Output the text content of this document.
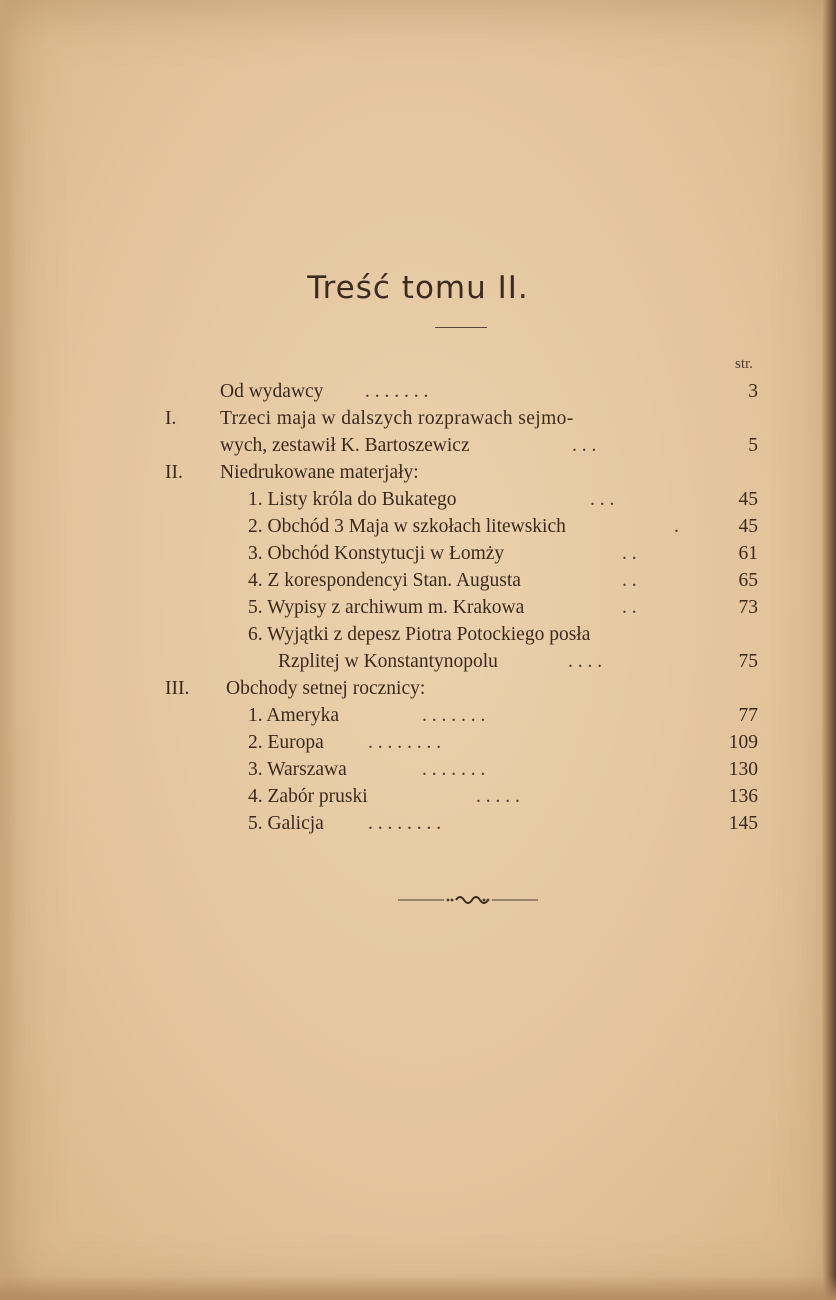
Treść tomu II.
str.
Od wydawcy . . . . . . .	3
I. Trzeci maja w dalszych rozprawach sejmo-
wych, zestawił K. Bartoszewicz	. . .	5
II. Niedrukowane materjały:
1. Listy króla do Bukatego	. . .	45
2. Obchód 3 Maja w szkołach litewskich	.	45
3. Obchód Konstytucji w Łomży	. .	61
4. Z korespondencyi Stan. Augusta	. .	65
5. Wypisy z archiwum m. Krakowa	. .	73
6. Wyjątki z depesz Piotra Potockiego posła
Rzplitej w Konstantynopolu	. . . .	75
III. Obchody setnej rocznicy:
1. Ameryka	. . . . . . .	77
2. Europa . . . . . . . .	109
3. Warszawa	. . . . . . .	130
4. Zabór pruski	. . . . .	136
5. Galicja . . . . . . . .	145
